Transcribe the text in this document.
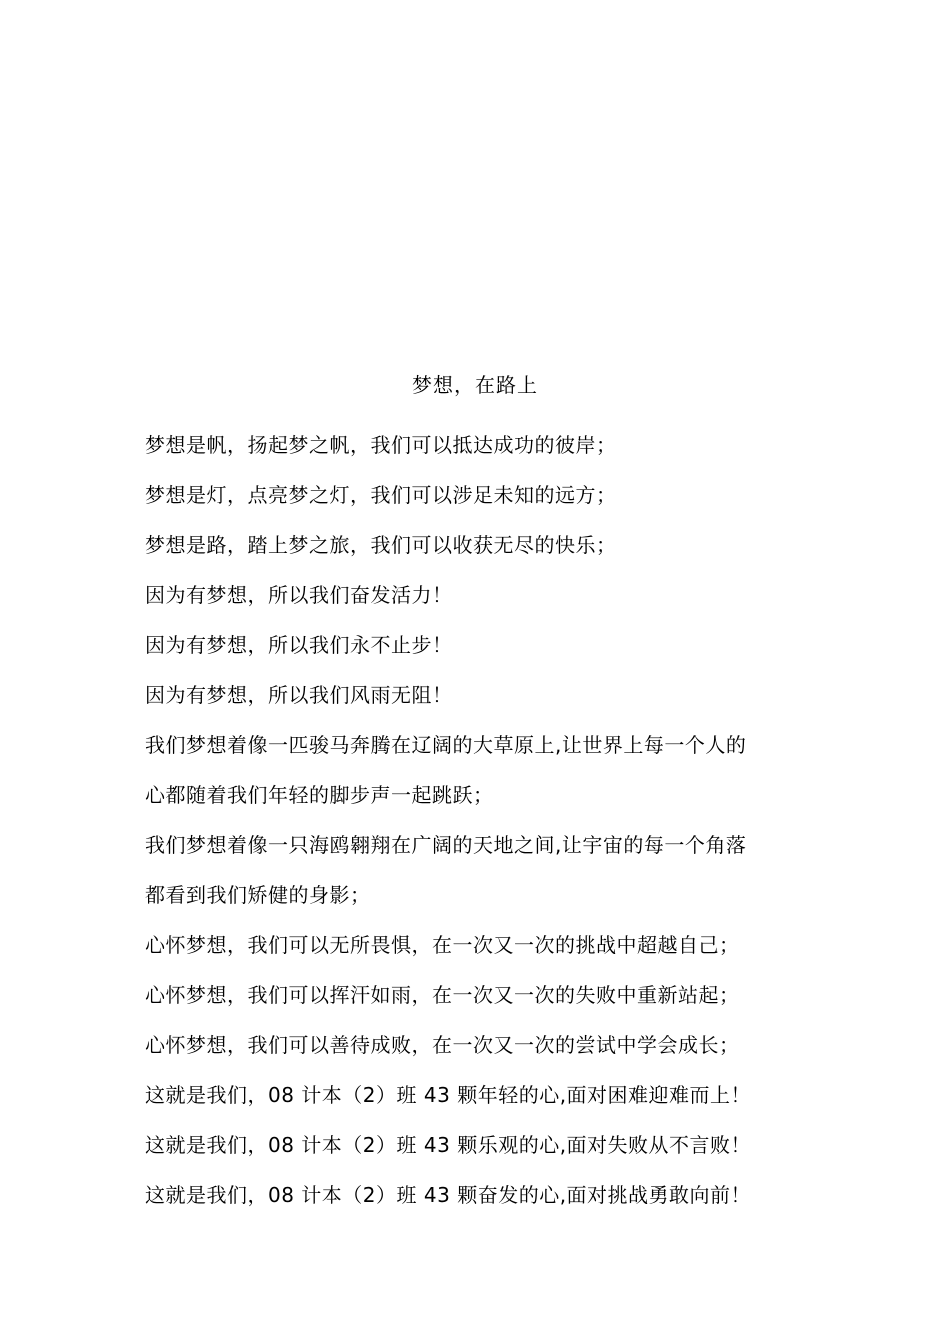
梦想，在路上
梦想是帆，扬起梦之帆，我们可以抵达成功的彼岸；
梦想是灯，点亮梦之灯，我们可以涉足未知的远方；
梦想是路，踏上梦之旅，我们可以收获无尽的快乐；
因为有梦想，所以我们奋发活力！
因为有梦想，所以我们永不止步！
因为有梦想，所以我们风雨无阻！
我们梦想着像一匹骏马奔腾在辽阔的大草原上,让世界上每一个人的
心都随着我们年轻的脚步声一起跳跃；
我们梦想着像一只海鸥翱翔在广阔的天地之间,让宇宙的每一个角落
都看到我们矫健的身影；
心怀梦想，我们可以无所畏惧，在一次又一次的挑战中超越自己；
心怀梦想，我们可以挥汗如雨，在一次又一次的失败中重新站起；
心怀梦想，我们可以善待成败，在一次又一次的尝试中学会成长；
这就是我们，08 计本（2）班 43 颗年轻的心,面对困难迎难而上！
这就是我们，08 计本（2）班 43 颗乐观的心,面对失败从不言败！
这就是我们，08 计本（2）班 43 颗奋发的心,面对挑战勇敢向前！
